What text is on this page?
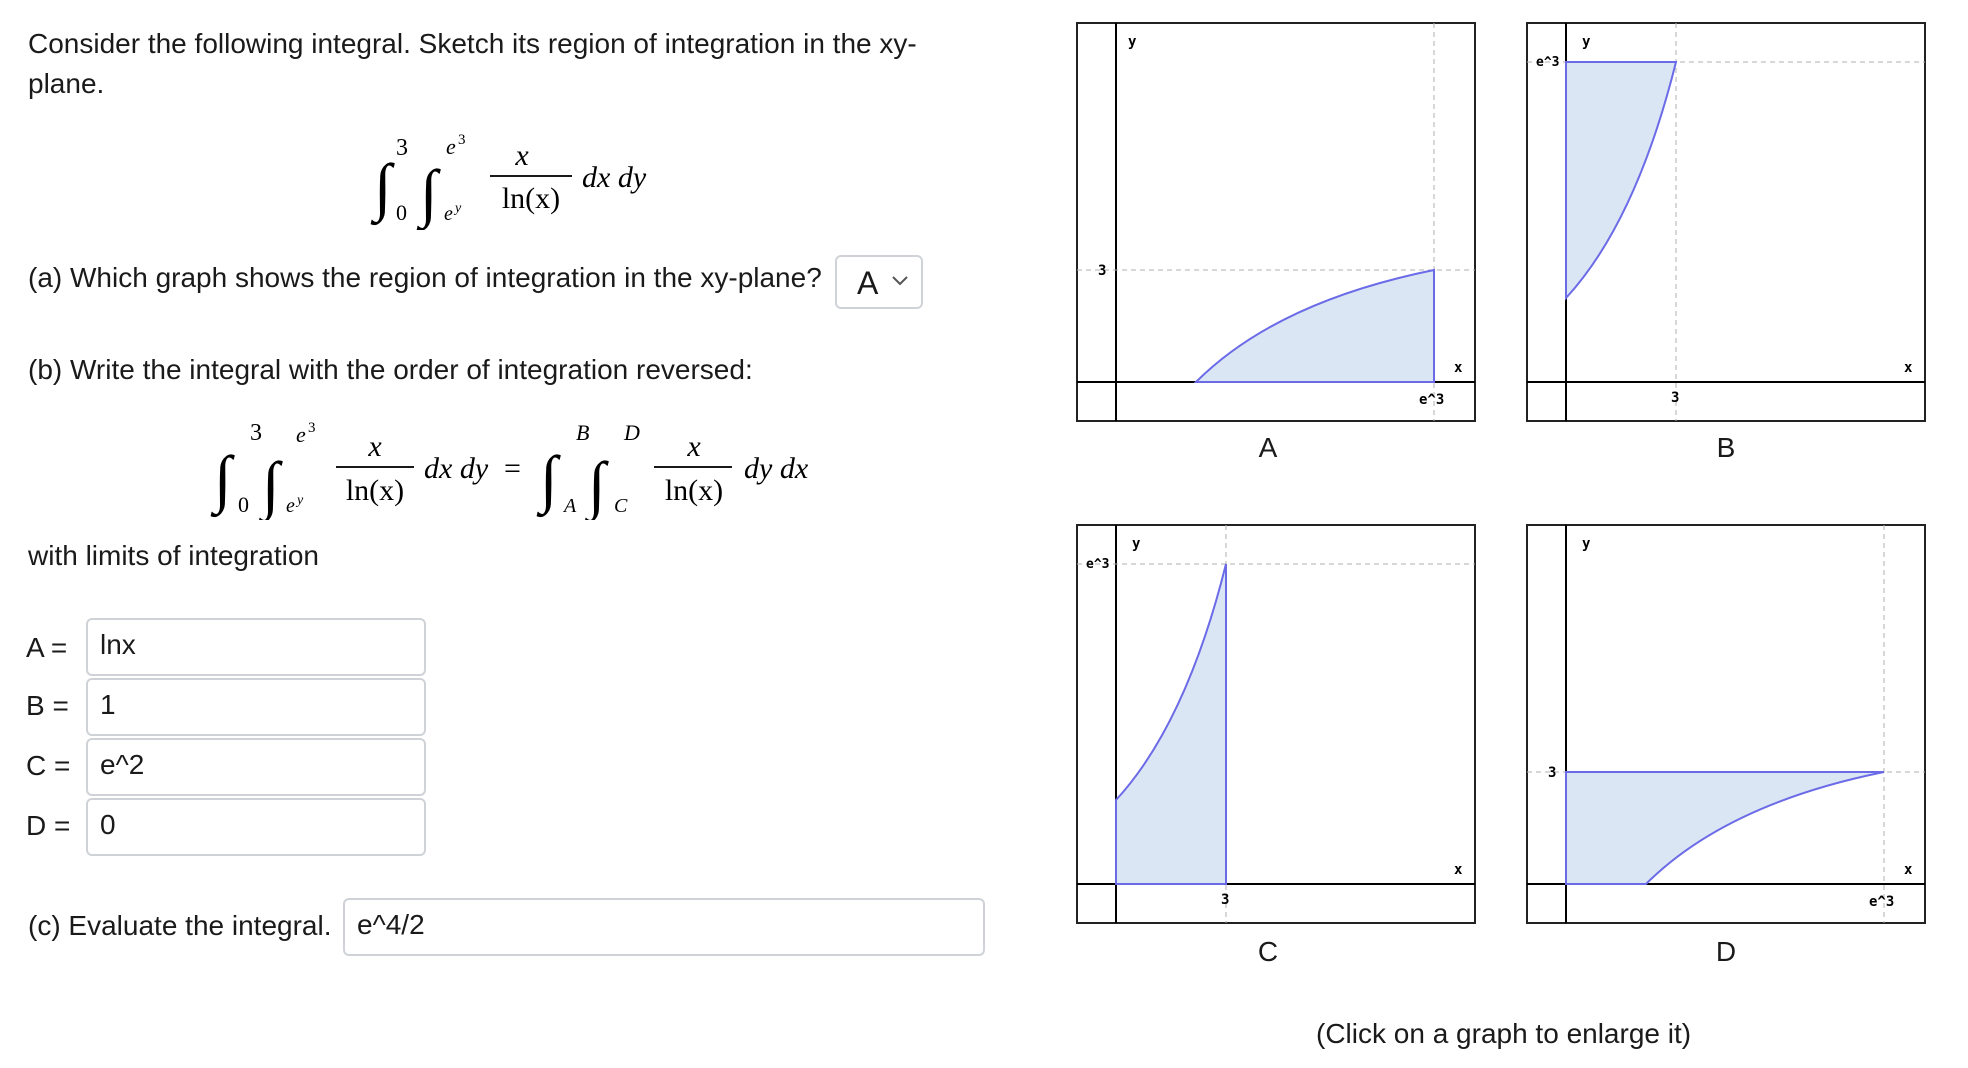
Consider the following integral. Sketch its region of integration in the xy-
plane.
∫
3
0 ∫
e 3
e y
x
ln(x)
dx dy
(a) Which graph shows the region of integration in the xy-plane? A
(b) Write the integral with the order of integration reversed:
∫
3
0 ∫
e 3
e y
x
ln(x)
dx dy = ∫
B
A ∫
D
C
x
ln(x)
dy dx
with limits of integration
A =	lnx
B =	1
C =	e^2
D =	0
(c) Evaluate the integral. e^4/2
y
3
x
e^3
A
y
e^3
x
3
B
y
e^3
x
3
C
y
3
x
e^3
D
(Click on a graph to enlarge it)
